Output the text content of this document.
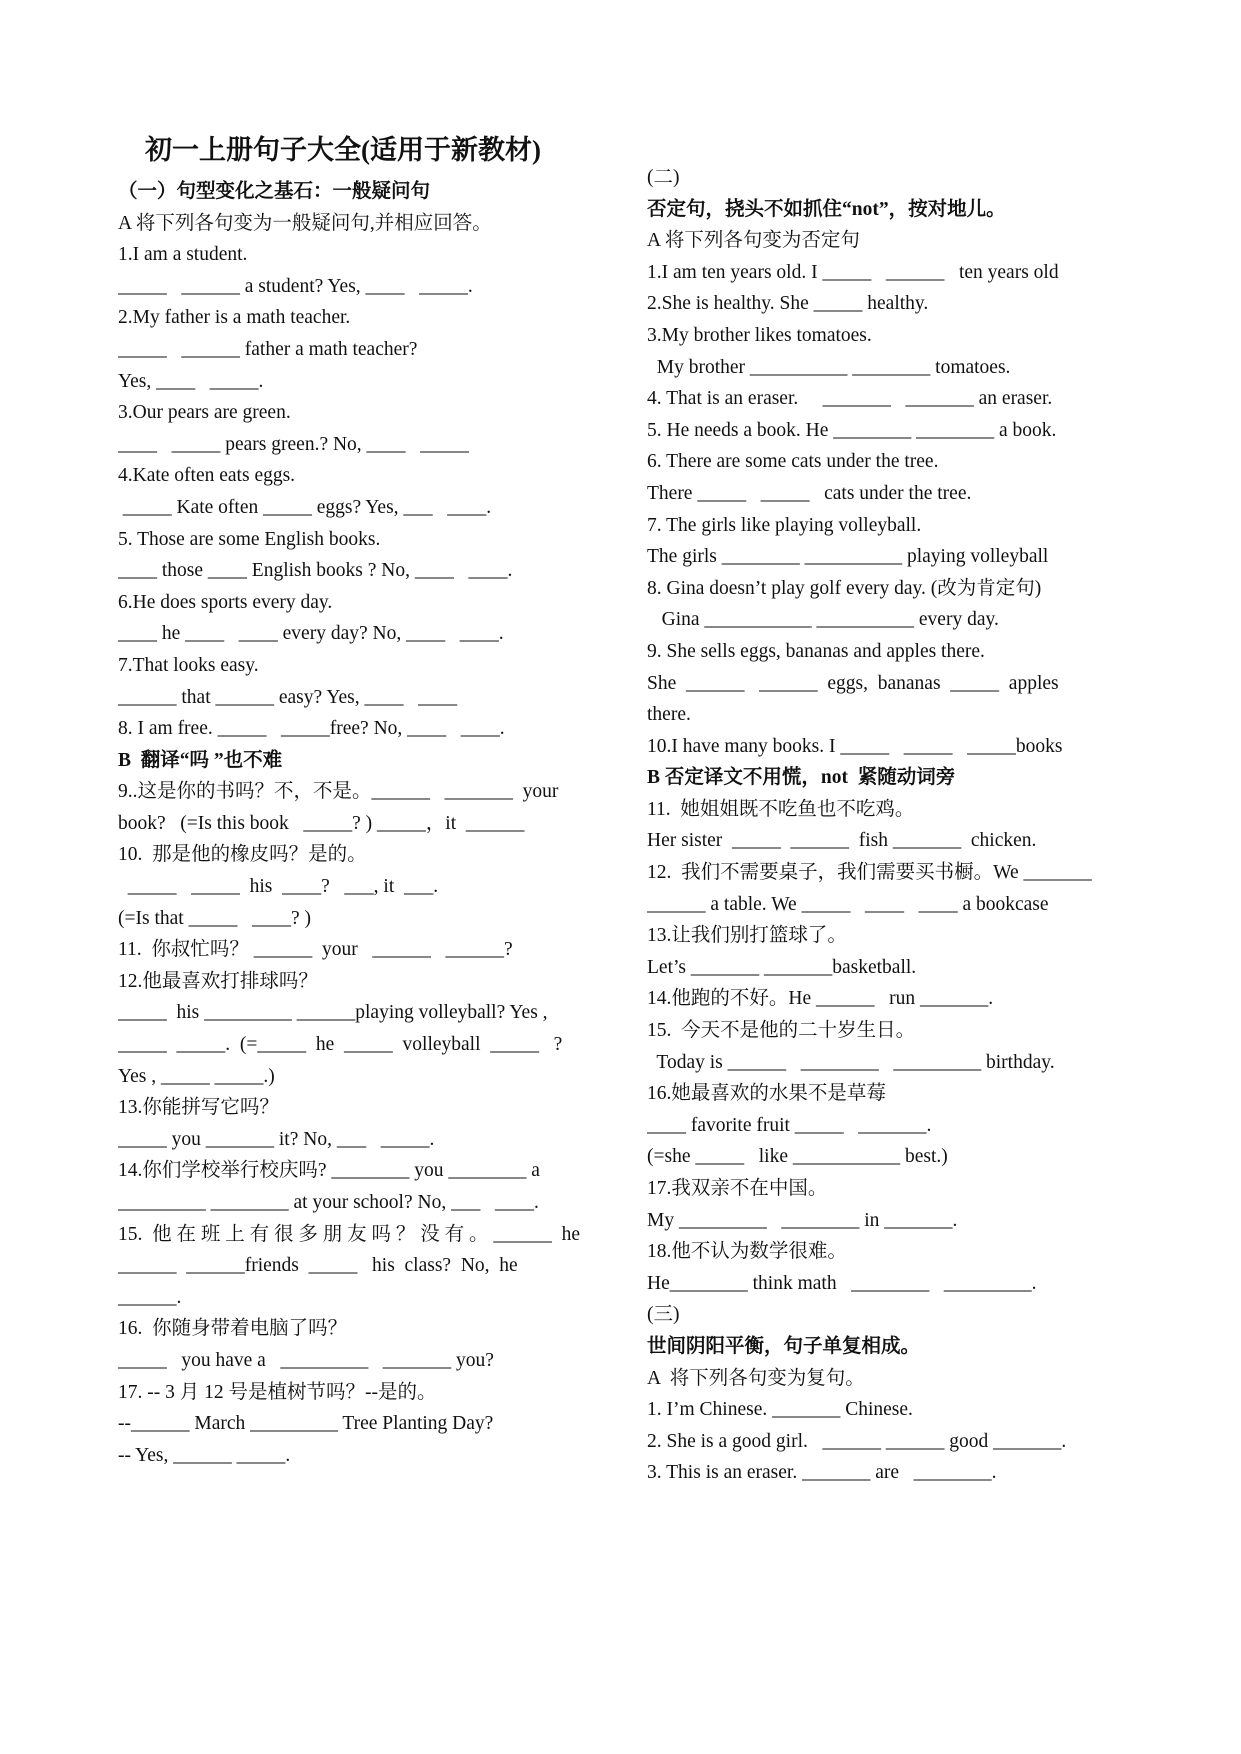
初一上册句子大全(适用于新教材)
（一）句型变化之基石：一般疑问句
A 将下列各句变为一般疑问句,并相应回答。
1.I am a student.
_____   ______ a student? Yes, ____   _____.
2.My father is a math teacher.
_____   ______ father a math teacher?
Yes, ____   _____.
3.Our pears are green.
____   _____ pears green.? No, ____   _____
4.Kate often eats eggs.
_____ Kate often _____ eggs? Yes, ___   ____.
5. Those are some English books.
____ those ____ English books ? No, ____   ____.
6.He does sports every day.
____ he ____   ____ every day? No, ____   ____.
7.That looks easy.
______ that ______ easy? Yes, ____   ____
8. I am free. _____   _____free? No, ____   ____.
B  翻译“吗 ”也不难
9..这是你的书吗？不，不是。______   _______  your
book?   (=Is this book   _____? ) _____，it  ______
10.  那是他的橡皮吗？是的。
_____   _____  his  ____?   ___, it  ___.
(=Is that _____   ____? )
11.  你叔忙吗？ ______  your   ______   ______?
12.他最喜欢打排球吗？
_____  his _________ ______playing volleyball? Yes ,
_____  _____.  (=_____  he  _____  volleyball  _____   ?
Yes , _____ _____.)
13.你能拼写它吗？
_____ you _______ it? No, ___   _____.
14.你们学校举行校庆吗? ________ you ________ a
_________ ________ at your school? No, ___   ____.
15.  他 在 班 上 有 很 多 朋 友 吗 ？ 没 有 。 ______  he
______  ______friends  _____   his  class?  No,  he
______.
16.  你随身带着电脑了吗？
_____   you have a   _________   _______ you?
17. -- 3 月 12 号是植树节吗？--是的。
--______ March _________ Tree Planting Day?
-- Yes, ______ _____.
(二)
否定句，挠头不如抓住“not”，按对地儿。
A 将下列各句变为否定句
1.I am ten years old. I _____   ______   ten years old
2.She is healthy. She _____ healthy.
3.My brother likes tomatoes.
My brother __________ ________ tomatoes.
4. That is an eraser.     _______   _______ an eraser.
5. He needs a book. He ________ ________ a book.
6. There are some cats under the tree.
There _____   _____   cats under the tree.
7. The girls like playing volleyball.
The girls ________ __________ playing volleyball
8. Gina doesn’t play golf every day. (改为肯定句)
Gina ___________ __________ every day.
9. She sells eggs, bananas and apples there.
She  ______   ______  eggs,  bananas  _____  apples
there.
10.I have many books. I _____   _____   _____books
B 否定译文不用慌，not  紧随动词旁
11.  她姐姐既不吃鱼也不吃鸡。
Her sister  _____  ______  fish _______  chicken.
12.  我们不需要桌子，我们需要买书橱。We _______
______ a table. We _____   ____   ____ a bookcase
13.让我们别打篮球了。
Let’s _______ _______basketball.
14.他跑的不好。He ______   run _______.
15.  今天不是他的二十岁生日。
Today is ______   ________   _________ birthday.
16.她最喜欢的水果不是草莓
____ favorite fruit _____   _______.
(=she _____   like ___________ best.)
17.我双亲不在中国。
My _________   ________ in _______.
18.他不认为数学很难。
He________ think math   ________   _________.
(三)
世间阴阳平衡，句子单复相成。
A  将下列各句变为复句。
1. I’m Chinese. _______ Chinese.
2. She is a good girl.   ______ ______ good _______.
3. This is an eraser. _______ are   ________.
